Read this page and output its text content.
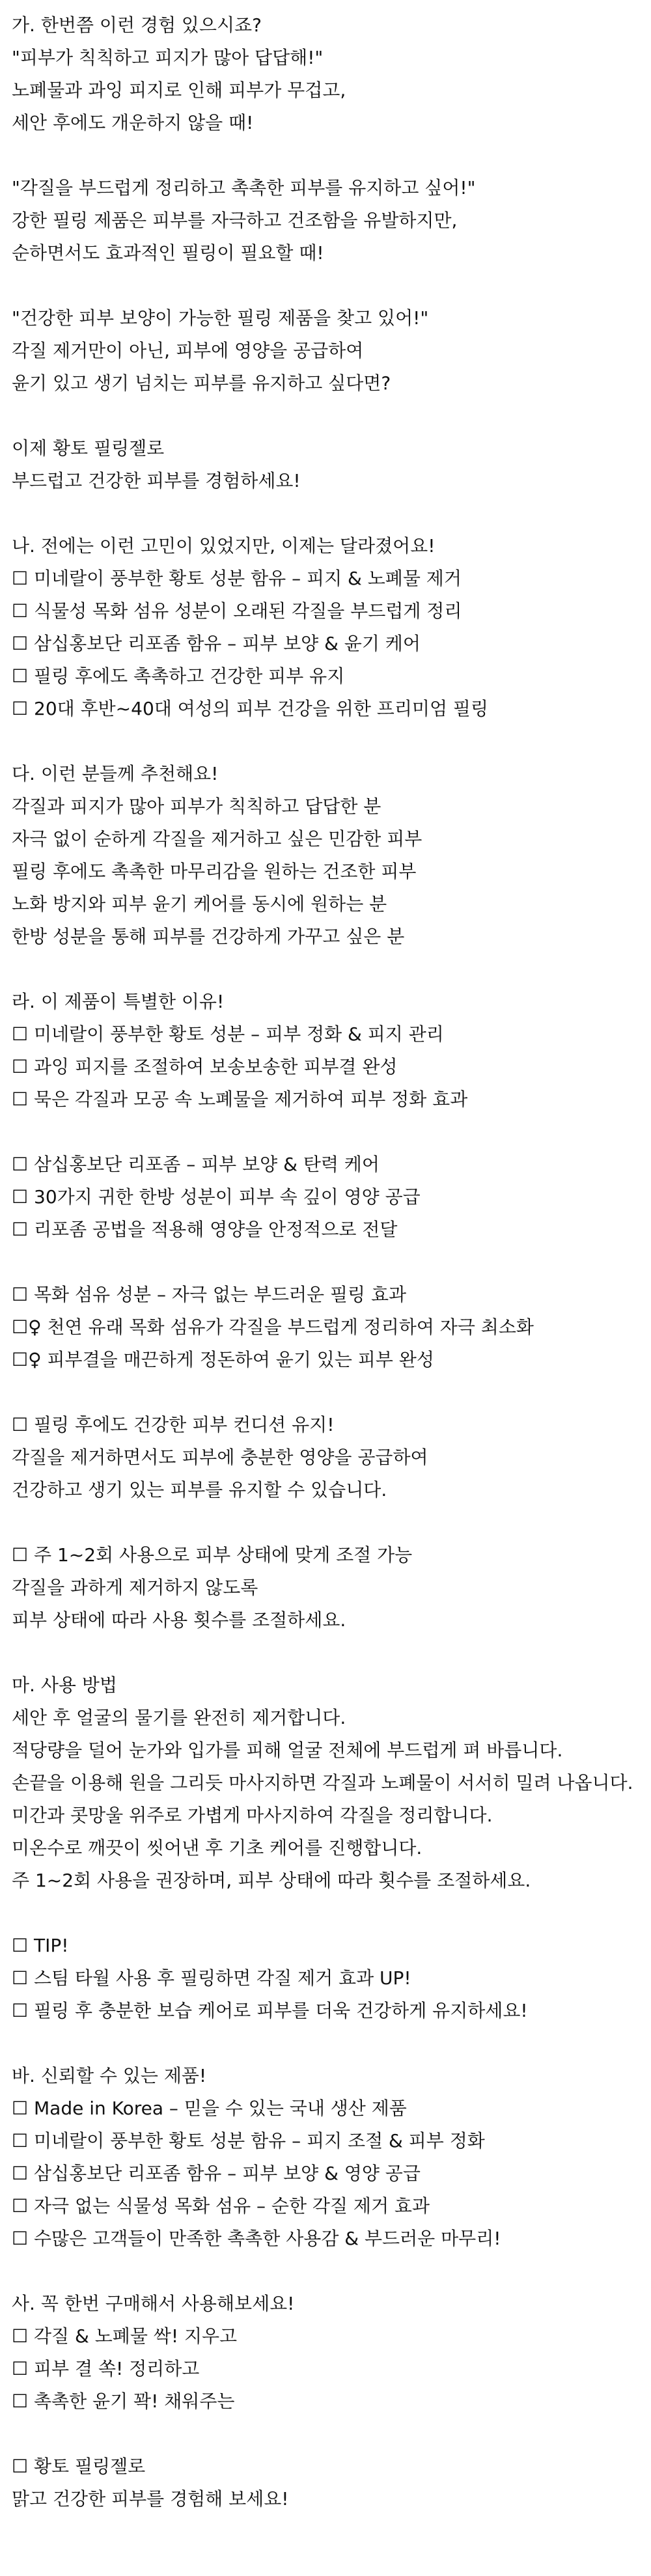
가. 한번쯤 이런 경험 있으시죠?
"피부가 칙칙하고 피지가 많아 답답해!"
노폐물과 과잉 피지로 인해 피부가 무겁고,
세안 후에도 개운하지 않을 때!
"각질을 부드럽게 정리하고 촉촉한 피부를 유지하고 싶어!"
강한 필링 제품은 피부를 자극하고 건조함을 유발하지만,
순하면서도 효과적인 필링이 필요할 때!
"건강한 피부 보양이 가능한 필링 제품을 찾고 있어!"
각질 제거만이 아닌, 피부에 영양을 공급하여
윤기 있고 생기 넘치는 피부를 유지하고 싶다면?
이제 황토 필링젤로
부드럽고 건강한 피부를 경험하세요!
나. 전에는 이런 고민이 있었지만, 이제는 달라졌어요!
☐ 미네랄이 풍부한 황토 성분 함유 – 피지 & 노폐물 제거
☐ 식물성 목화 섬유 성분이 오래된 각질을 부드럽게 정리
☐ 삼십홍보단 리포좀 함유 – 피부 보양 & 윤기 케어
☐ 필링 후에도 촉촉하고 건강한 피부 유지
☐ 20대 후반~40대 여성의 피부 건강을 위한 프리미엄 필링
다. 이런 분들께 추천해요!
각질과 피지가 많아 피부가 칙칙하고 답답한 분
자극 없이 순하게 각질을 제거하고 싶은 민감한 피부
필링 후에도 촉촉한 마무리감을 원하는 건조한 피부
노화 방지와 피부 윤기 케어를 동시에 원하는 분
한방 성분을 통해 피부를 건강하게 가꾸고 싶은 분
라. 이 제품이 특별한 이유!
☐ 미네랄이 풍부한 황토 성분 – 피부 정화 & 피지 관리
☐ 과잉 피지를 조절하여 보송보송한 피부결 완성
☐ 묵은 각질과 모공 속 노폐물을 제거하여 피부 정화 효과
☐ 삼십홍보단 리포좀 – 피부 보양 & 탄력 케어
☐ 30가지 귀한 한방 성분이 피부 속 깊이 영양 공급
☐ 리포좀 공법을 적용해 영양을 안정적으로 전달
☐ 목화 섬유 성분 – 자극 없는 부드러운 필링 효과
☐♀ 천연 유래 목화 섬유가 각질을 부드럽게 정리하여 자극 최소화
☐♀ 피부결을 매끈하게 정돈하여 윤기 있는 피부 완성
☐ 필링 후에도 건강한 피부 컨디션 유지!
각질을 제거하면서도 피부에 충분한 영양을 공급하여
건강하고 생기 있는 피부를 유지할 수 있습니다.
☐ 주 1~2회 사용으로 피부 상태에 맞게 조절 가능
각질을 과하게 제거하지 않도록
피부 상태에 따라 사용 횟수를 조절하세요.
마. 사용 방법
세안 후 얼굴의 물기를 완전히 제거합니다.
적당량을 덜어 눈가와 입가를 피해 얼굴 전체에 부드럽게 펴 바릅니다.
손끝을 이용해 원을 그리듯 마사지하면 각질과 노폐물이 서서히 밀려 나옵니다.
미간과 콧망울 위주로 가볍게 마사지하여 각질을 정리합니다.
미온수로 깨끗이 씻어낸 후 기초 케어를 진행합니다.
주 1~2회 사용을 권장하며, 피부 상태에 따라 횟수를 조절하세요.
☐ TIP!
☐ 스팀 타월 사용 후 필링하면 각질 제거 효과 UP!
☐ 필링 후 충분한 보습 케어로 피부를 더욱 건강하게 유지하세요!
바. 신뢰할 수 있는 제품!
☐ Made in Korea – 믿을 수 있는 국내 생산 제품
☐ 미네랄이 풍부한 황토 성분 함유 – 피지 조절 & 피부 정화
☐ 삼십홍보단 리포좀 함유 – 피부 보양 & 영양 공급
☐ 자극 없는 식물성 목화 섬유 – 순한 각질 제거 효과
☐ 수많은 고객들이 만족한 촉촉한 사용감 & 부드러운 마무리!
사. 꼭 한번 구매해서 사용해보세요!
☐ 각질 & 노폐물 싹! 지우고
☐ 피부 결 쏙! 정리하고
☐ 촉촉한 윤기 꽉! 채워주는
☐ 황토 필링젤로
맑고 건강한 피부를 경험해 보세요!
